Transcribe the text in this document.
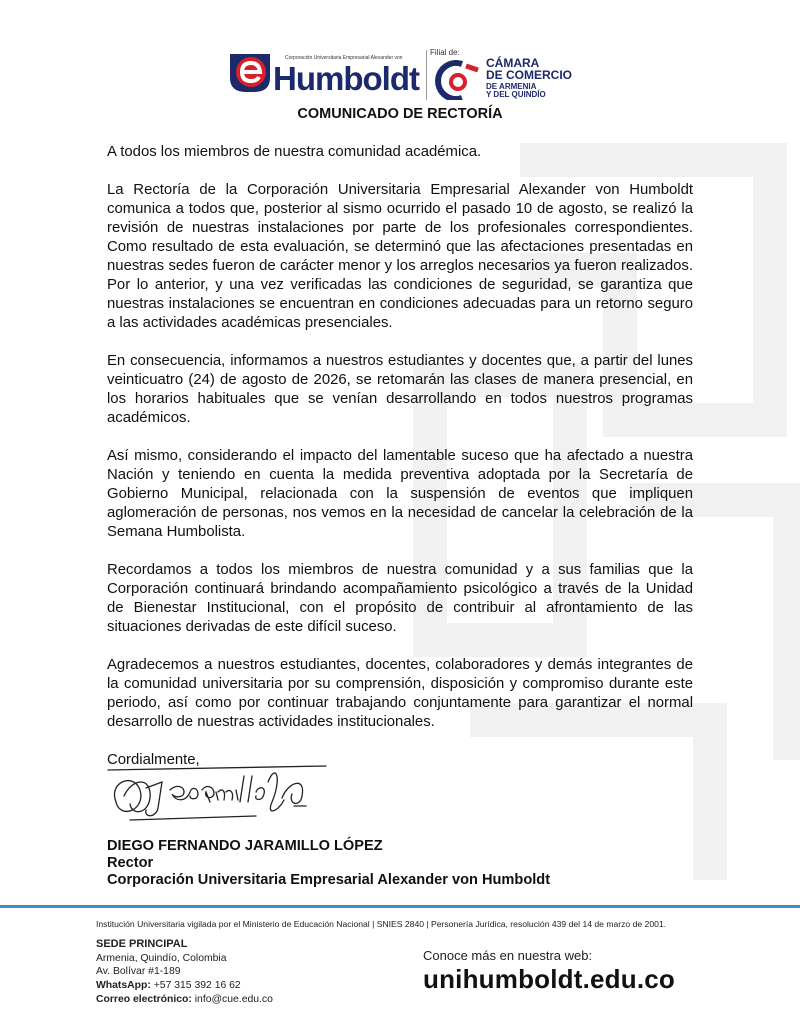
Corporación Universitaria Empresarial Alexander von
Humboldt
Filial de:
CÁMARA
DE COMERCIO
DE ARMENIA
Y DEL QUINDÍO
COMUNICADO DE RECTORÍA

A todos los miembros de nuestra comunidad académica.

La Rectoría de la Corporación Universitaria Empresarial Alexander von Humboldt comunica a todos que, posterior al sismo ocurrido el pasado 10 de agosto, se realizó la revisión de nuestras instalaciones por parte de los profesionales correspondientes. Como resultado de esta evaluación, se determinó que las afectaciones presentadas en nuestras sedes fueron de carácter menor y los arreglos necesarios ya fueron realizados. Por lo anterior, y una vez verificadas las condiciones de seguridad, se garantiza que nuestras instalaciones se encuentran en condiciones adecuadas para un retorno seguro a las actividades académicas presenciales.

En consecuencia, informamos a nuestros estudiantes y docentes que, a partir del lunes veinticuatro (24) de agosto de 2026, se retomarán las clases de manera presencial, en los horarios habituales que se venían desarrollando en todos nuestros programas académicos.

Así mismo, considerando el impacto del lamentable suceso que ha afectado a nuestra Nación y teniendo en cuenta la medida preventiva adoptada por la Secretaría de Gobierno Municipal, relacionada con la suspensión de eventos que impliquen aglomeración de personas, nos vemos en la necesidad de cancelar la celebración de la Semana Humbolista.

Recordamos a todos los miembros de nuestra comunidad y a sus familias que la Corporación continuará brindando acompañamiento psicológico a través de la Unidad de Bienestar Institucional, con el propósito de contribuir al afrontamiento de las situaciones derivadas de este difícil suceso.

Agradecemos a nuestros estudiantes, docentes, colaboradores y demás integrantes de la comunidad universitaria por su comprensión, disposición y compromiso durante este periodo, así como por continuar trabajando conjuntamente para garantizar el normal desarrollo de nuestras actividades institucionales.

Cordialmente,

DIEGO FERNANDO JARAMILLO LÓPEZ
Rector
Corporación Universitaria Empresarial Alexander von Humboldt
Institución Universitaria vigilada por el Ministerio de Educación Nacional | SNIES 2840 | Personería Jurídica, resolución 439 del 14 de marzo de 2001.
SEDE PRINCIPAL
Armenia, Quindío, Colombia
Av. Bolívar #1-189
WhatsApp: +57 315 392 16 62
Correo electrónico: info@cue.edu.co
Conoce más en nuestra web:
unihumboldt.edu.co
